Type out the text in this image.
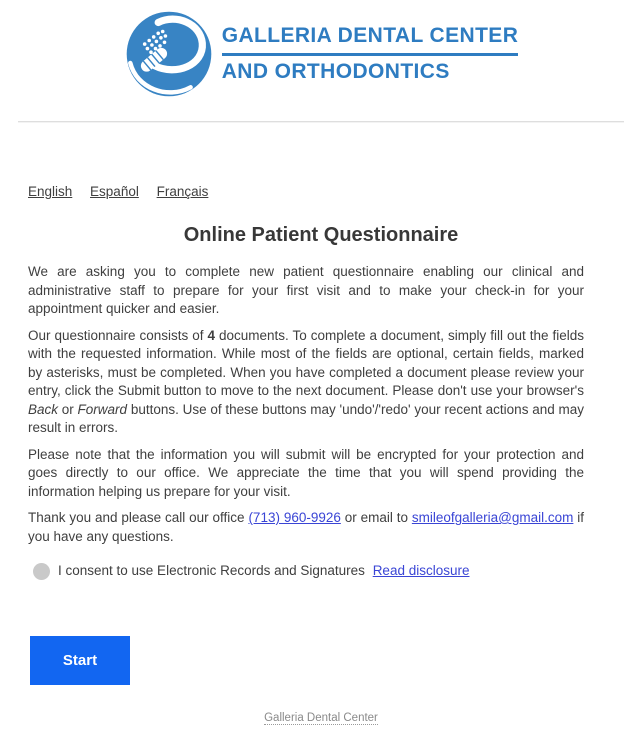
GALLERIA DENTAL CENTER
AND ORTHODONTICS
English Español Français
Online Patient Questionnaire

We are asking you to complete new patient questionnaire enabling our clinical and administrative staff to prepare for your first visit and to make your check-in for your appointment quicker and easier.

Our questionnaire consists of 4 documents. To complete a document, simply fill out the fields with the requested information. While most of the fields are optional, certain fields, marked by asterisks, must be completed. When you have completed a document please review your entry, click the Submit button to move to the next document. Please don't use your browser's Back or Forward buttons. Use of these buttons may 'undo'/'redo' your recent actions and may result in errors.

Please note that the information you will submit will be encrypted for your protection and goes directly to our office. We appreciate the time that you will spend providing the information helping us prepare for your visit.

Thank you and please call our office (713) 960-9926 or email to smileofgalleria@gmail.com if you have any questions.

I consent to use Electronic Records and Signatures Read disclosure
Start
Galleria Dental Center
